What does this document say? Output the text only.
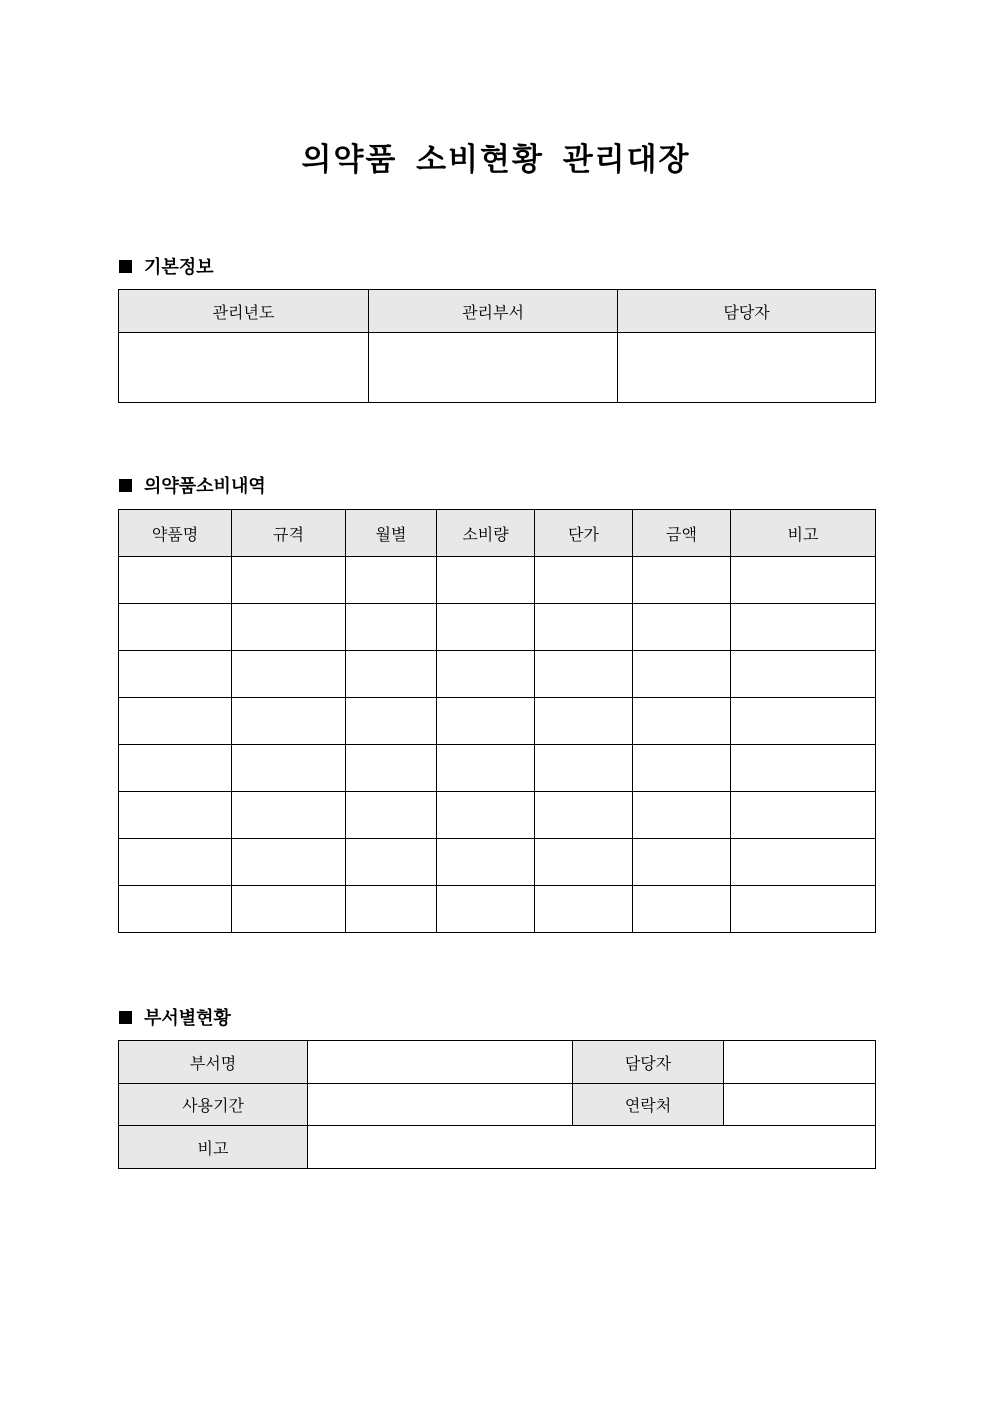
의약품 소비현황 관리대장
기본정보
관리년도	관리부서	담당자

의약품소비내역
약품명	규격	월별	소비량	단가	금액	비고

부서별현황
부서명		담당자	
사용기간		연락처	
비고			
